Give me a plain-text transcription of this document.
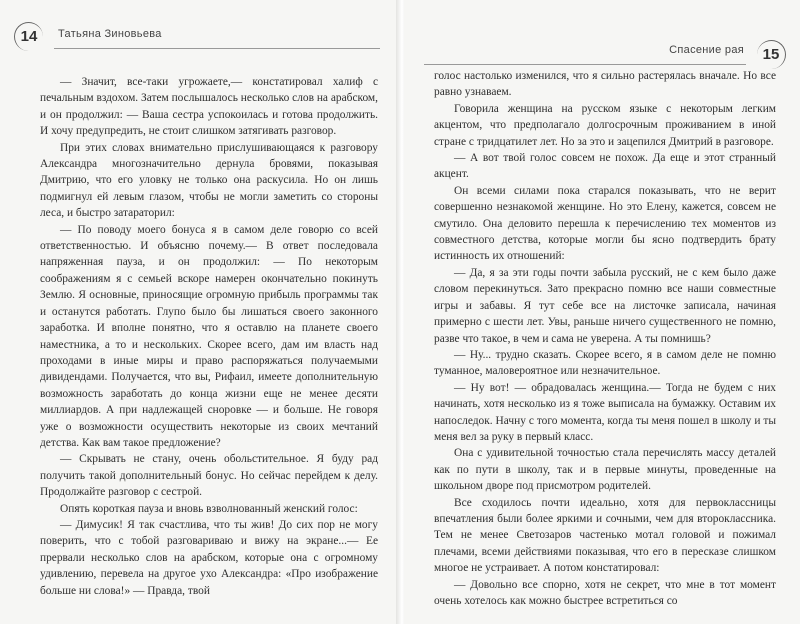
14	Татьяна Зиновьева

— Значит, все-таки угрожаете,— констатировал халиф с печальным вздохом. Затем послышалось несколько слов на арабском, и он продолжил: — Ваша сестра успокоилась и готова продолжить. И хочу предупредить, не стоит слишком затягивать разговор.

При этих словах внимательно прислушивающаяся к разговору Александра многозначительно дернула бровями, показывая Дмитрию, что его уловку не только она раскусила. Но он лишь подмигнул ей левым глазом, чтобы не могли заметить со стороны леса, и быстро затараторил:

— По поводу моего бонуса я в самом деле говорю со всей ответственностью. И объясню почему.— В ответ последовала напряженная пауза, и он продолжил: — По некоторым соображениям я с семьей вскоре намерен окончательно покинуть Землю. Я основные, приносящие огромную прибыль программы так и останутся работать. Глупо было бы лишаться своего законного заработка. И вполне понятно, что я оставлю на планете своего наместника, а то и нескольких. Скорее всего, дам им власть над проходами в иные миры и право распоряжаться получаемыми дивидендами. Получается, что вы, Рифаил, имеете дополнительную возможность заработать до конца жизни еще не менее десяти миллиардов. А при надлежащей сноровке — и больше. Не говоря уже о возможности осуществить некоторые из своих мечтаний детства. Как вам такое предложение?

— Скрывать не стану, очень обольстительное. Я буду рад получить такой дополнительный бонус. Но сейчас перейдем к делу. Продолжайте разговор с сестрой.

Опять короткая пауза и вновь взволнованный женский голос:

— Димусик! Я так счастлива, что ты жив! До сих пор не могу поверить, что с тобой разговариваю и вижу на экране...— Ее прервали несколько слов на арабском, которые она с огромному удивлению, перевела на другое ухо Александра: «Про изображение больше ни слова!» — Правда, твой

Спасение рая	15

голос настолько изменился, что я сильно растерялась вначале. Но все равно узнаваем.

Говорила женщина на русском языке с некоторым легким акцентом, что предполагало долгосрочным проживанием в иной стране с тридцатилет лет. Но за это и зацепился Дмитрий в разговоре.

— А вот твой голос совсем не похож. Да еще и этот странный акцент.

Он всеми силами пока старался показывать, что не верит совершенно незнакомой женщине. Но это Елену, кажется, совсем не смутило. Она деловито перешла к перечислению тех моментов из совместного детства, которые могли бы ясно подтвердить брату истинность их отношений:

— Да, я за эти годы почти забыла русский, не с кем было даже словом перекинуться. Зато прекрасно помню все наши совместные игры и забавы. Я тут себе все на листочке записала, начиная примерно с шести лет. Увы, раньше ничего существенного не помню, разве что такое, в чем и сама не уверена. А ты помнишь?

— Ну... трудно сказать. Скорее всего, я в самом деле не помню туманное, маловероятное или незначительное.

— Ну вот! — обрадовалась женщина.— Тогда не будем с них начинать, хотя несколько из я тоже выписала на бумажку. Оставим их напоследок. Начну с того момента, когда ты меня пошел в школу и ты меня вел за руку в первый класс.

Она с удивительной точностью стала перечислять массу деталей как по пути в школу, так и в первые минуты, проведенные на школьном дворе под присмотром родителей.

Все сходилось почти идеально, хотя для первоклассницы впечатления были более яркими и сочными, чем для второклассника. Тем не менее Светозаров частенько мотал головой и пожимал плечами, всеми действиями показывая, что его в пересказе слишком многое не устраивает. А потом констатировал:

— Довольно все спорно, хотя не секрет, что мне в тот момент очень хотелось как можно быстрее встретиться со
